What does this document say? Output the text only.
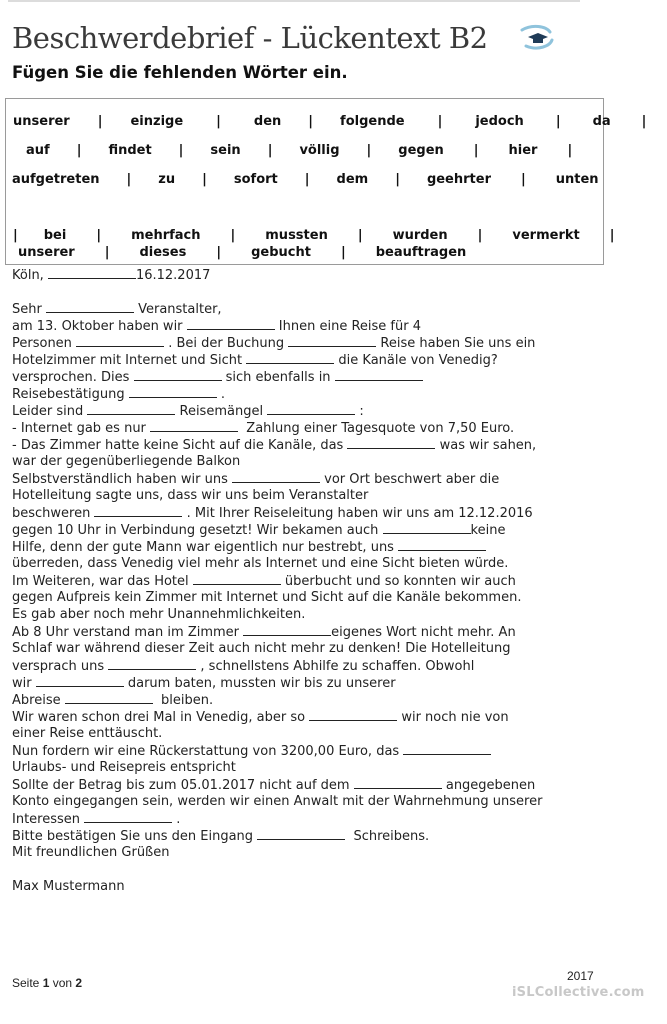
Beschwerdebrief - Lückentext B2
Fügen Sie die fehlenden Wörter ein.
unserer | einzige	|	den | folgende	|	jedoch | da |
auf | findet | sein | völlig | gegen | hier |
aufgetreten | zu | sofort | dem | geehrter | unten
| bei | mehrfach | mussten | wurden | vermerkt |
unserer | dieses | gebucht | beauftragen
Köln,	16.12.2017
Sehr	Veranstalter,
am 13. Oktober haben wir	Ihnen eine Reise für 4
Personen	. Bei der Buchung	Reise haben Sie uns ein
Hotelzimmer mit Internet und Sicht	die Kanäle von Venedig?
versprochen. Dies	sich ebenfalls in
Reisebestätigung	.
Leider sind	Reisemängel	:
- Internet gab es nur	Zahlung einer Tagesquote von 7,50 Euro.
- Das Zimmer hatte keine Sicht auf die Kanäle, das	was wir sahen,
war der gegenüberliegende Balkon
Selbstverständlich haben wir uns	vor Ort beschwert aber die
Hotelleitung sagte uns, dass wir uns beim Veranstalter
beschweren	. Mit Ihrer Reiseleitung haben wir uns am 12.12.2016
gegen 10 Uhr in Verbindung gesetzt! Wir bekamen auch	keine
Hilfe, denn der gute Mann war eigentlich nur bestrebt, uns
überreden, dass Venedig viel mehr als Internet und eine Sicht bieten würde.
Im Weiteren, war das Hotel	überbucht und so konnten wir auch
gegen Aufpreis kein Zimmer mit Internet und Sicht auf die Kanäle bekommen.
Es gab aber noch mehr Unannehmlichkeiten.
Ab 8 Uhr verstand man im Zimmer	eigenes Wort nicht mehr. An
Schlaf war während dieser Zeit auch nicht mehr zu denken! Die Hotelleitung
versprach uns	, schnellstens Abhilfe zu schaffen. Obwohl
wir	darum baten, mussten wir bis zu unserer
Abreise	bleiben.
Wir waren schon drei Mal in Venedig, aber so	wir noch nie von
einer Reise enttäuscht.
Nun fordern wir eine Rückerstattung von 3200,00 Euro, das
Urlaubs- und Reisepreis entspricht
Sollte der Betrag bis zum 05.01.2017 nicht auf dem	angegebenen
Konto eingegangen sein, werden wir einen Anwalt mit der Wahrnehmung unserer
Interessen	.
Bitte bestätigen Sie uns den Eingang	Schreibens.
Mit freundlichen Grüßen
Max Mustermann
Seite 1 von 2	2017
iSLCollective.com
